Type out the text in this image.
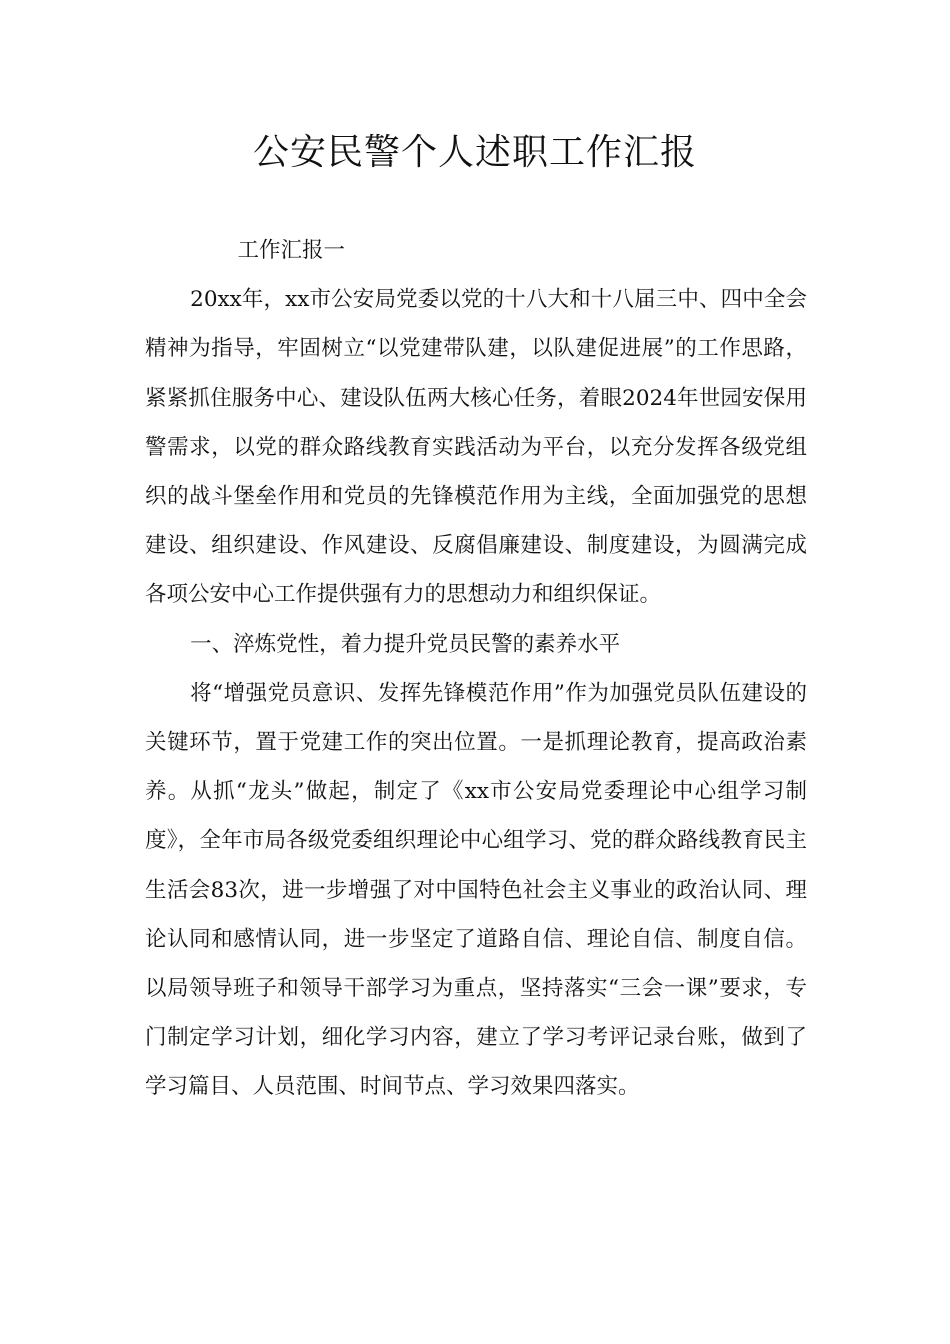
公安民警个人述职工作汇报

工作汇报一

20xx年，xx市公安局党委以党的十八大和十八届三中、四中全会精神为指导，牢固树立“以党建带队建，以队建促进展”的工作思路，紧紧抓住服务中心、建设队伍两大核心任务，着眼2024年世园安保用警需求，以党的群众路线教育实践活动为平台，以充分发挥各级党组织的战斗堡垒作用和党员的先锋模范作用为主线，全面加强党的思想建设、组织建设、作风建设、反腐倡廉建设、制度建设，为圆满完成各项公安中心工作提供强有力的思想动力和组织保证。

一、淬炼党性，着力提升党员民警的素养水平

将“增强党员意识、发挥先锋模范作用”作为加强党员队伍建设的关键环节，置于党建工作的突出位置。一是抓理论教育，提高政治素养。从抓“龙头”做起，制定了《xx市公安局党委理论中心组学习制度》，全年市局各级党委组织理论中心组学习、党的群众路线教育民主生活会83次，进一步增强了对中国特色社会主义事业的政治认同、理论认同和感情认同，进一步坚定了道路自信、理论自信、制度自信。以局领导班子和领导干部学习为重点，坚持落实“三会一课”要求，专门制定学习计划，细化学习内容，建立了学习考评记录台账，做到了学习篇目、人员范围、时间节点、学习效果四落实。
